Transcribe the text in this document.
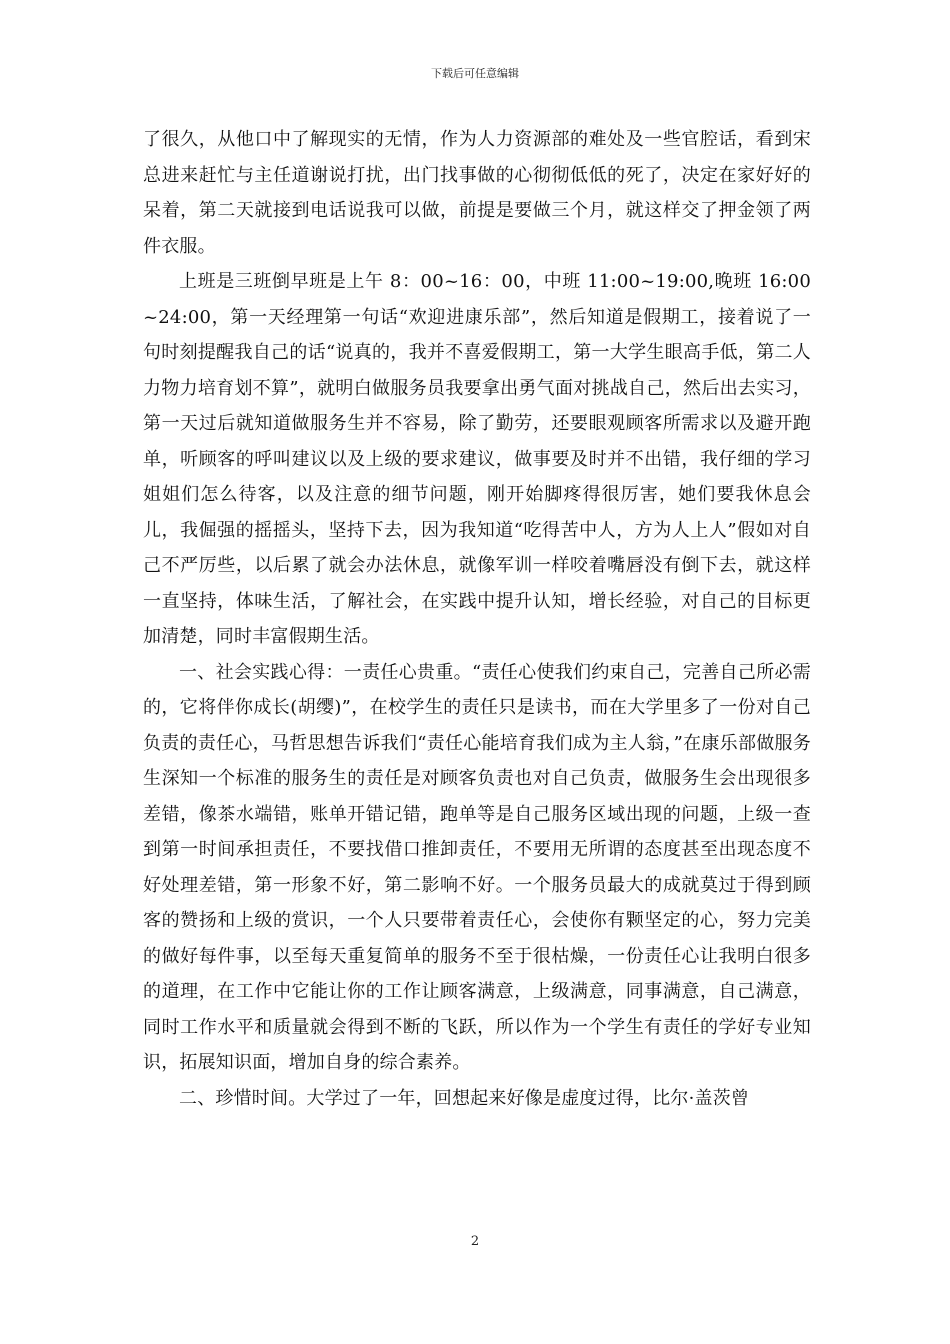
下载后可任意编辑

了很久，从他口中了解现实的无情，作为人力资源部的难处及一些官腔话，看到宋总进来赶忙与主任道谢说打扰，出门找事做的心彻彻低低的死了，决定在家好好的呆着，第二天就接到电话说我可以做，前提是要做三个月，就这样交了押金领了两件衣服。

上班是三班倒早班是上午 8：00~16：00，中班 11:00~19:00,晚班 16:00~24:00，第一天经理第一句话“欢迎进康乐部”，然后知道是假期工，接着说了一句时刻提醒我自己的话“说真的，我并不喜爱假期工，第一大学生眼高手低，第二人力物力培育划不算”，就明白做服务员我要拿出勇气面对挑战自己，然后出去实习，第一天过后就知道做服务生并不容易，除了勤劳，还要眼观顾客所需求以及避开跑单，听顾客的呼叫建议以及上级的要求建议，做事要及时并不出错，我仔细的学习姐姐们怎么待客，以及注意的细节问题，刚开始脚疼得很厉害，她们要我休息会儿，我倔强的摇摇头，坚持下去，因为我知道“吃得苦中人，方为人上人”假如对自己不严厉些，以后累了就会办法休息，就像军训一样咬着嘴唇没有倒下去，就这样一直坚持，体味生活，了解社会，在实践中提升认知，增长经验，对自己的目标更加清楚，同时丰富假期生活。

一、社会实践心得：一责任心贵重。“责任心使我们约束自己，完善自己所必需的，它将伴你成长(胡缨)”，在校学生的责任只是读书，而在大学里多了一份对自己负责的责任心，马哲思想告诉我们“责任心能培育我们成为主人翁，”在康乐部做服务生深知一个标准的服务生的责任是对顾客负责也对自己负责，做服务生会出现很多差错，像茶水端错，账单开错记错，跑单等是自己服务区域出现的问题，上级一查到第一时间承担责任，不要找借口推卸责任，不要用无所谓的态度甚至出现态度不好处理差错，第一形象不好，第二影响不好。一个服务员最大的成就莫过于得到顾客的赞扬和上级的赏识，一个人只要带着责任心，会使你有颗坚定的心，努力完美的做好每件事，以至每天重复简单的服务不至于很枯燥，一份责任心让我明白很多的道理，在工作中它能让你的工作让顾客满意，上级满意，同事满意，自己满意，同时工作水平和质量就会得到不断的飞跃，所以作为一个学生有责任的学好专业知识，拓展知识面，增加自身的综合素养。

二、珍惜时间。大学过了一年，回想起来好像是虚度过得，比尔·盖茨曾

2
